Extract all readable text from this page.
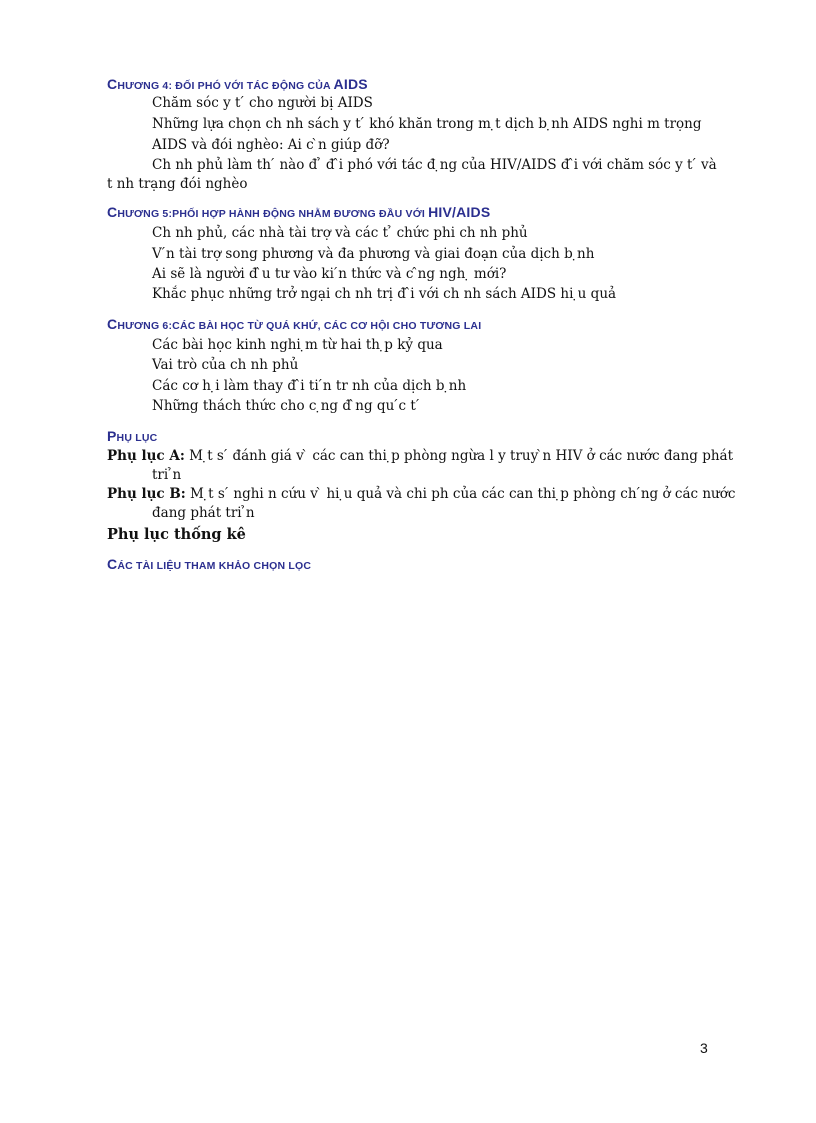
CHƯƠNG 4: ĐỐI PHÓ VỚI TÁC ĐỘNG CỦA AIDS
Chăm sóc y t ́ cho người bị AIDS
Những lựa chọn ch nh sách y t ́ khó khăn trong m ̣t dịch b ̣nh AIDS nghi m trọng
AIDS và đói nghèo: Ai c ̀n giúp đỡ?
Ch nh phủ làm th ́ nào đ ̉ đ ̂i phó với tác đ ̣ng của HIV/AIDS đ ̂i với chăm sóc y t ́ và
t nh trạng đói nghèo
CHƯƠNG 5:PHỐI HỢP HÀNH ĐỘNG NHẰM ĐƯƠNG ĐẦU VỚI HIV/AIDS
Ch nh phủ, các nhà tài trợ và các t ̉ chức phi ch nh phủ
V ́n tài trợ song phương và đa phương và giai đoạn của dịch b ̣nh
Ai sẽ là người đ ̀u tư vào ki ́n thức và c ̂ng ngh ̣ mới?
Khắc phục những trở ngại ch nh trị đ ̂i với ch nh sách AIDS hi ̣u quả
CHƯƠNG 6:CÁC BÀI HỌC TỪ QUÁ KHỨ, CÁC CƠ HỘI CHO TƯƠNG LAI
Các bài học kinh nghi ̣m từ hai th ̣p kỷ qua
Vai trò của ch nh phủ
Các cơ h ̣i làm thay đ ̂i ti ́n tr nh của dịch b ̣nh
Những thách thức cho c ̣ng đ ̀ng qu ́c t ́
PHỤ LỤC
Phụ lục A: M ̣t s ́ đánh giá v ̀ các can thi ̣p phòng ngừa l y truy ̀n HIV ở các nước đang phát
tri ̉n
Phụ lục B: M ̣t s ́ nghi n cứu v ̀ hi ̣u quả và chi ph của các can thi ̣p phòng ch ́ng ở các nước
đang phát tri ̉n
Phụ lục thống kê
CÁC TÀI LIỆU THAM KHẢO CHỌN LỌC
3
